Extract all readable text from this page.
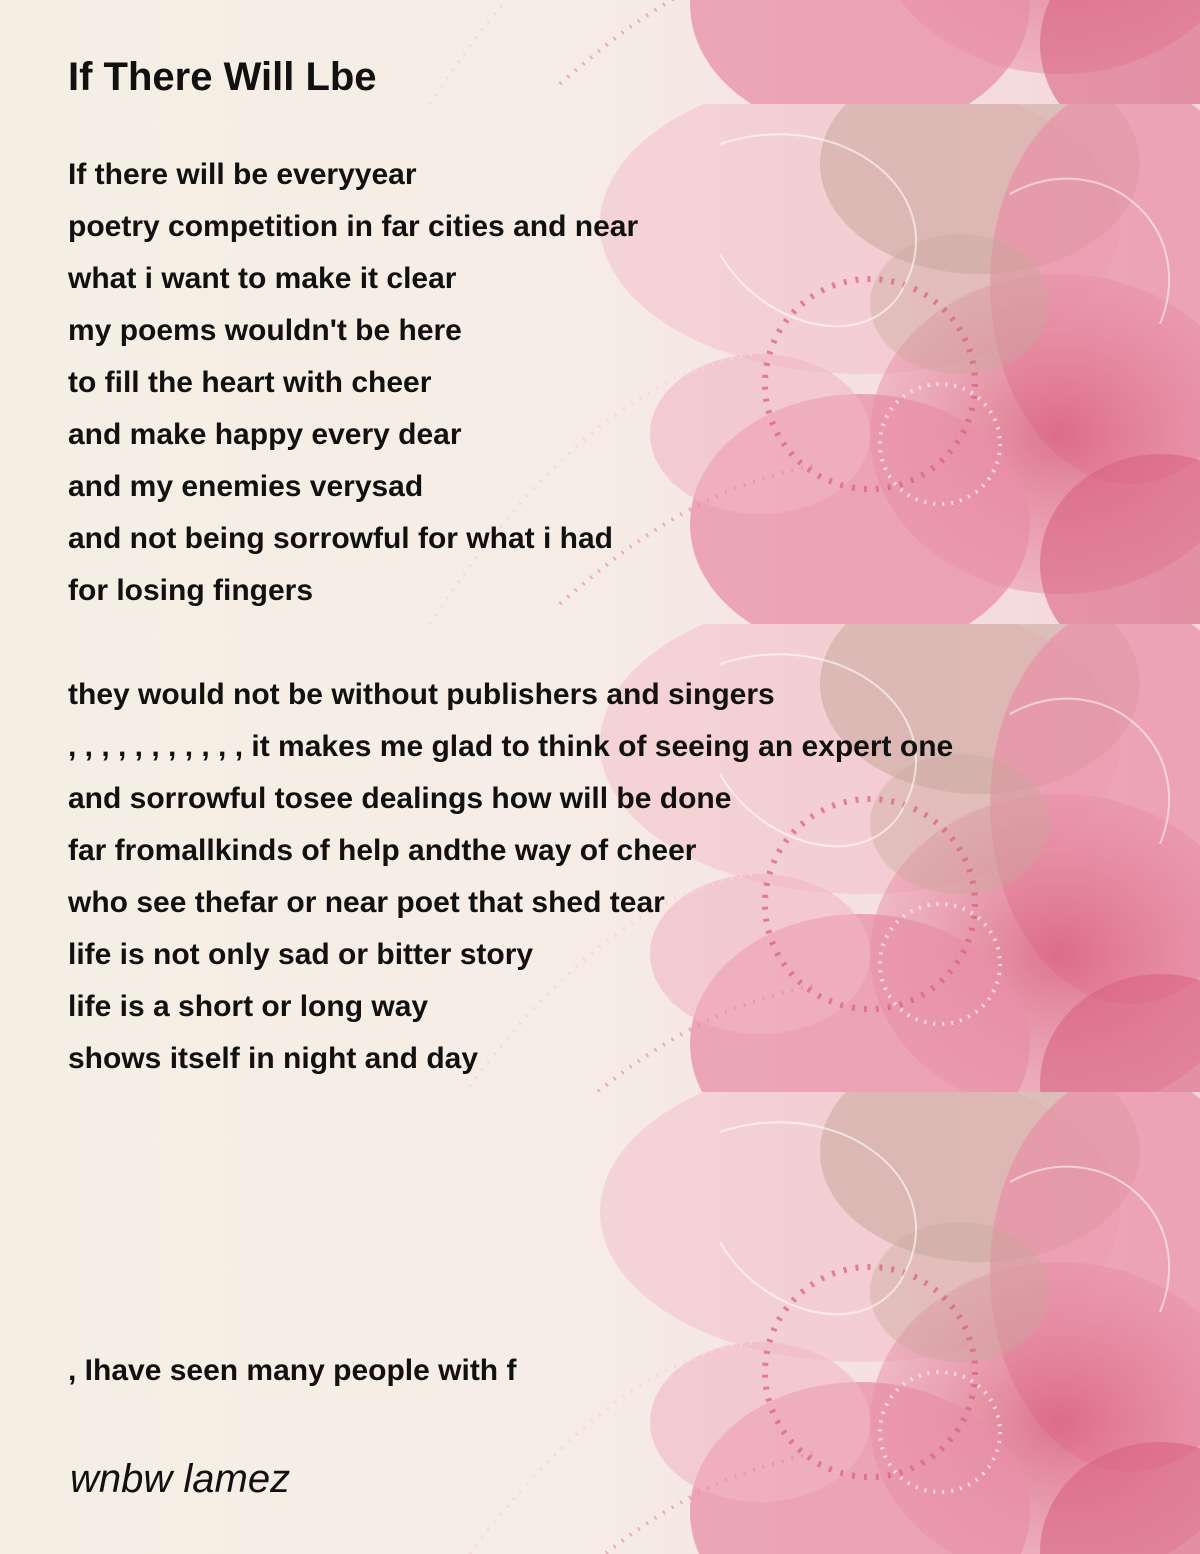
If There Will Lbe

If there will be everyyear

poetry competition in far cities and near

what i want to make it clear

my poems wouldn't be here

to fill the heart with cheer

and make happy every dear

and my enemies verysad

and not being sorrowful for what i had

for losing fingers

they would not be without publishers and singers

, , , , , , , , , , , it makes me glad to think of seeing an expert one

and sorrowful tosee dealings how will be done

far fromallkinds of help andthe way of cheer

who see thefar or near poet that shed tear

life is not only sad or bitter story

life is a short or long way

shows itself in night and day

, Ihave seen many people with f

wnbw lamez
